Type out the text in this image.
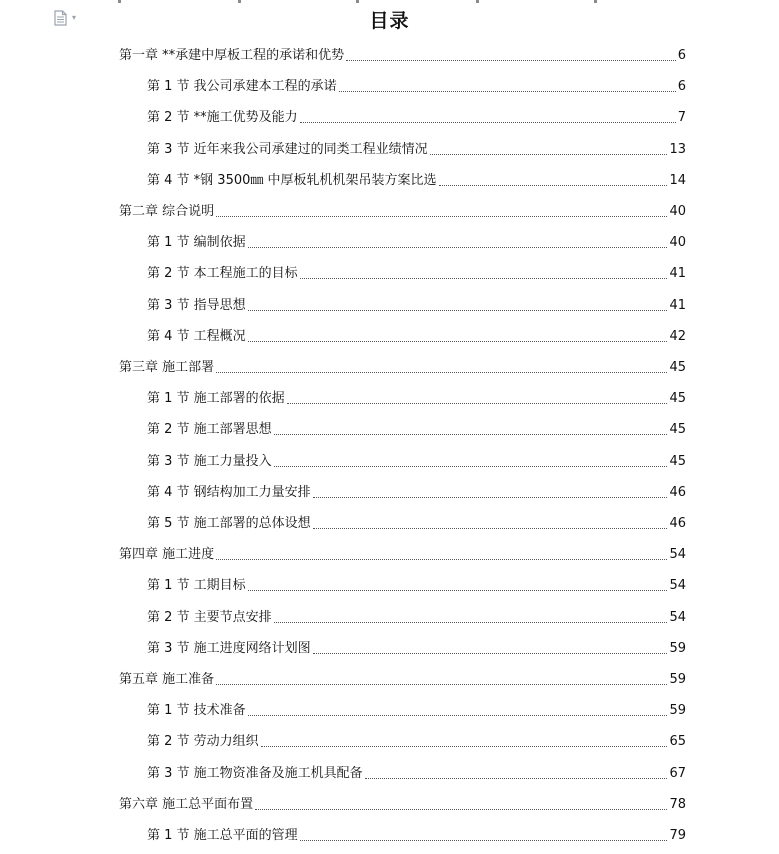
▾	目录
第一章 **承建中厚板工程的承诺和优势	6
第 1 节 我公司承建本工程的承诺	6
第 2 节 **施工优势及能力	7
第 3 节 近年来我公司承建过的同类工程业绩情况	13
第 4 节 *钢 3500㎜ 中厚板轧机机架吊装方案比选	14
第二章 综合说明	40
第 1 节 编制依据	40
第 2 节 本工程施工的目标	41
第 3 节 指导思想	41
第 4 节 工程概况	42
第三章 施工部署	45
第 1 节 施工部署的依据	45
第 2 节 施工部署思想	45
第 3 节 施工力量投入	45
第 4 节 钢结构加工力量安排	46
第 5 节 施工部署的总体设想	46
第四章 施工进度	54
第 1 节 工期目标	54
第 2 节 主要节点安排	54
第 3 节 施工进度网络计划图	59
第五章 施工准备	59
第 1 节 技术准备	59
第 2 节 劳动力组织	65
第 3 节 施工物资准备及施工机具配备	67
第六章 施工总平面布置	78
第 1 节 施工总平面的管理	79
